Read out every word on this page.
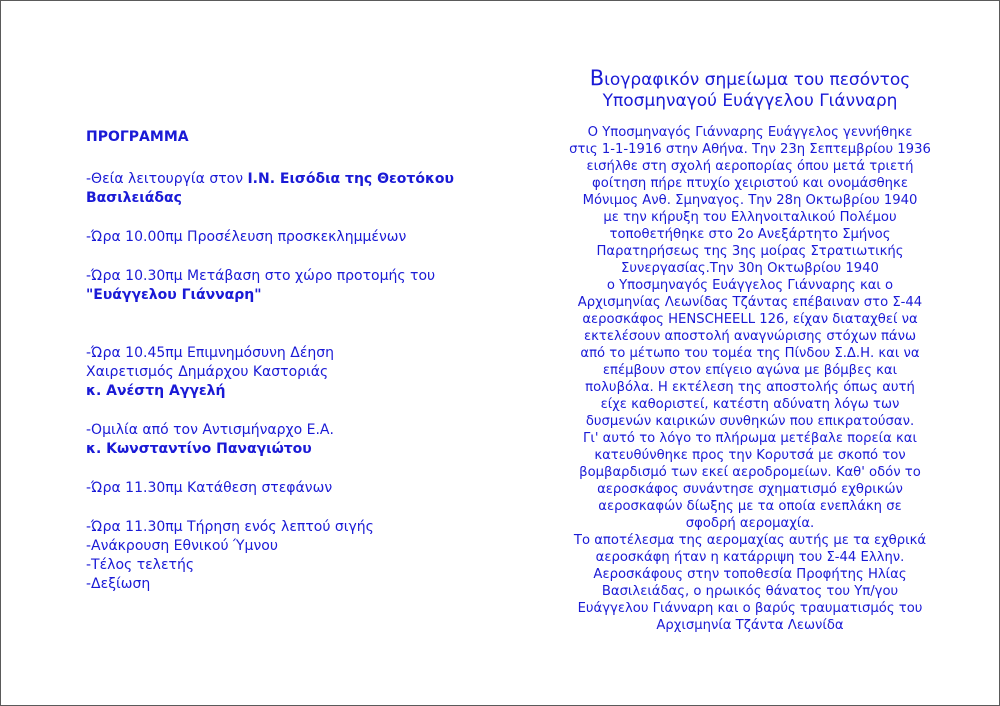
ΠΡΟΓΡΑΜΜΑ

-Θεία λειτουργία στον Ι.Ν. Εισόδια της Θεοτόκου

Βασιλειάδας

-Ώρα 10.00πμ Προσέλευση προσκεκλημμένων

-Ώρα 10.30πμ Μετάβαση στο χώρο προτομής του

"Ευάγγελου Γιάνναρη"

-Ώρα 10.45πμ Επιμνημόσυνη Δέηση

Χαιρετισμός Δημάρχου Καστοριάς

κ. Ανέστη Αγγελή

-Ομιλία από τον Αντισμήναρχο Ε.Α.

κ. Κωνσταντίνο Παναγιώτου

-Ώρα 11.30πμ Κατάθεση στεφάνων

-Ώρα 11.30πμ Τήρηση ενός λεπτού σιγής

-Ανάκρουση Εθνικού Ύμνου

-Τέλος τελετής

-Δεξίωση

Βιογραφικόν σημείωμα του πεσόντος

Υποσμηναγού Ευάγγελου Γιάνναρη

Ο Υποσμηναγός Γιάνναρης Ευάγγελος γεννήθηκε
στις 1-1-1916 στην Αθήνα. Την 23η Σεπτεμβρίου 1936
εισήλθε στη σχολή αεροπορίας όπου μετά τριετή
φοίτηση πήρε πτυχίο χειριστού και ονομάσθηκε
Μόνιμος Ανθ. Σμηναγος. Την 28η Οκτωβρίου 1940
με την κήρυξη του Ελληνοιταλικού Πολέμου
τοποθετήθηκε στο 2ο Ανεξάρτητο Σμήνος
Παρατηρήσεως της 3ης μοίρας Στρατιωτικής
Συνεργασίας.Την 30η Οκτωβρίου 1940
ο Υποσμηναγός Ευάγγελος Γιάνναρης και ο
Αρχισμηνίας Λεωνίδας Τζάντας επέβαιναν στο Σ-44
αεροσκάφος HENSCHEELL 126, είχαν διαταχθεί να
εκτελέσουν αποστολή αναγνώρισης στόχων πάνω
από το μέτωπο του τομέα της Πίνδου Σ.Δ.Η. και να
επέμβουν στον επίγειο αγώνα με βόμβες και
πολυβόλα. Η εκτέλεση της αποστολής όπως αυτή
είχε καθοριστεί, κατέστη αδύνατη λόγω των
δυσμενών καιρικών συνθηκών που επικρατούσαν.
Γι' αυτό το λόγο το πλήρωμα μετέβαλε πορεία και
κατευθύνθηκε προς την Κορυτσά με σκοπό τον
βομβαρδισμό των εκεί αεροδρομείων. Καθ' οδόν το
αεροσκάφος συνάντησε σχηματισμό εχθρικών
αεροσκαφών δίωξης με τα οποία ενεπλάκη σε
σφοδρή αερομαχία.
Το αποτέλεσμα της αερομαχίας αυτής με τα εχθρικά
αεροσκάφη ήταν η κατάρριψη του Σ-44 Ελλην.
Αεροσκάφους στην τοποθεσία Προφήτης Ηλίας
Βασιλειάδας, ο ηρωικός θάνατος του Υπ/γου
Ευάγγελου Γιάνναρη και ο βαρύς τραυματισμός του
Αρχισμηνία Τζάντα Λεωνίδα
